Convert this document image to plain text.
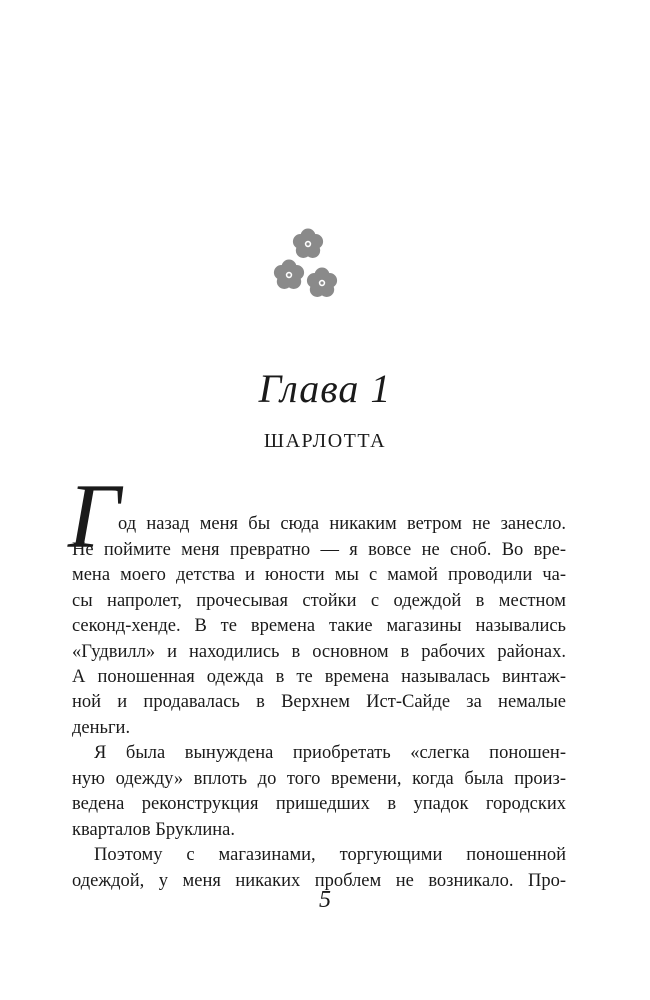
Глава 1
ШАРЛОТТА
Г
од назад меня бы сюда никаким ветром не занесло.
Не поймите меня превратно — я вовсе не сноб. Во вре-
мена моего детства и юности мы с мамой проводили ча-
сы напролет, прочесывая стойки с одеждой в местном
секонд-хенде. В те времена такие магазины назывались
«Гудвилл» и находились в основном в рабочих районах.
А поношенная одежда в те времена называлась винтаж-
ной и продавалась в Верхнем Ист-Сайде за немалые
деньги.
Я была вынуждена приобретать «слегка поношен-
ную одежду» вплоть до того времени, когда была произ-
ведена реконструкция пришедших в упадок городских
кварталов Бруклина.
Поэтому с магазинами, торгующими поношенной
одеждой, у меня никаких проблем не возникало. Про-
5
